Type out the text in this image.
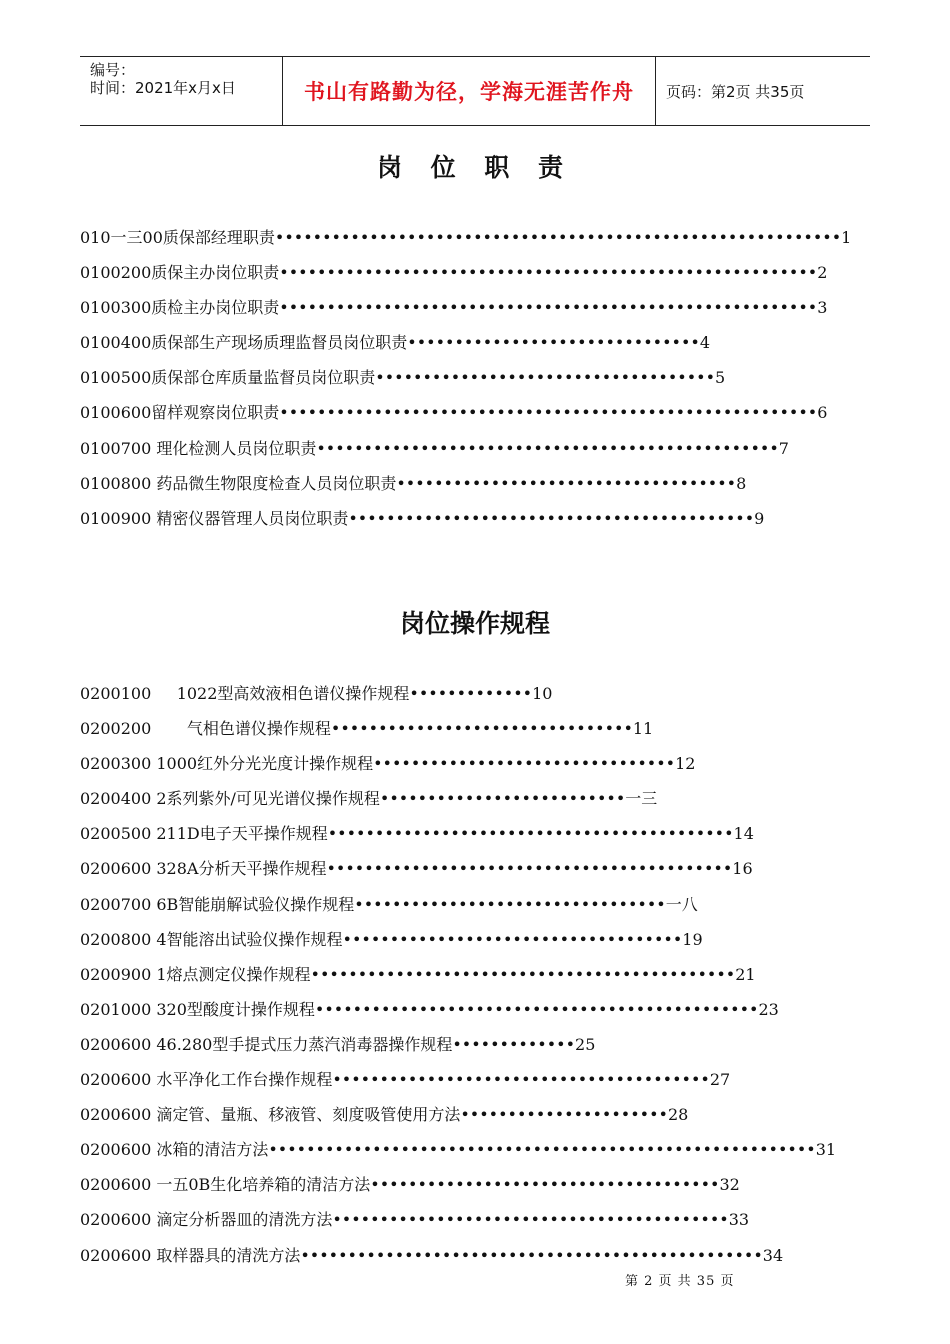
编号：
时间：2021年x月x日	书山有路勤为径，学海无涯苦作舟	页码：第2页 共35页
岗 位 职 责
010一三00质保部经理职责••••••••••••••••••••••••••••••••••••••••••••••••••••••••••••1
0100200质保主办岗位职责•••••••••••••••••••••••••••••••••••••••••••••••••••••••••2
0100300质检主办岗位职责•••••••••••••••••••••••••••••••••••••••••••••••••••••••••3
0100400质保部生产现场质理监督员岗位职责•••••••••••••••••••••••••••••••4
0100500质保部仓库质量监督员岗位职责••••••••••••••••••••••••••••••••••••5
0100600留样观察岗位职责•••••••••••••••••••••••••••••••••••••••••••••••••••••••••6
0100700 理化检测人员岗位职责•••••••••••••••••••••••••••••••••••••••••••••••••7
0100800 药品微生物限度检查人员岗位职责••••••••••••••••••••••••••••••••••••8
0100900 精密仪器管理人员岗位职责•••••••••••••••••••••••••••••••••••••••••••9
岗位操作规程
0200100     1022型高效液相色谱仪操作规程•••••••••••••10
0200200       气相色谱仪操作规程••••••••••••••••••••••••••••••••11
0200300 1000红外分光光度计操作规程••••••••••••••••••••••••••••••••12
0200400 2系列紫外/可见光谱仪操作规程••••••••••••••••••••••••••一三
0200500 211D电子天平操作规程•••••••••••••••••••••••••••••••••••••••••••14
0200600 328A分析天平操作规程•••••••••••••••••••••••••••••••••••••••••••16
0200700 6B智能崩解试验仪操作规程•••••••••••••••••••••••••••••••••一八
0200800 4智能溶出试验仪操作规程••••••••••••••••••••••••••••••••••••19
0200900 1熔点测定仪操作规程•••••••••••••••••••••••••••••••••••••••••••••21
0201000 320型酸度计操作规程•••••••••••••••••••••••••••••••••••••••••••••••23
0200600 46.280型手提式压力蒸汽消毒器操作规程•••••••••••••25
0200600 水平净化工作台操作规程••••••••••••••••••••••••••••••••••••••••27
0200600 滴定管、量瓶、移液管、刻度吸管使用方法••••••••••••••••••••••28
0200600 冰箱的清洁方法••••••••••••••••••••••••••••••••••••••••••••••••••••••••••31
0200600 一五0B生化培养箱的清洁方法•••••••••••••••••••••••••••••••••••••32
0200600 滴定分析器皿的清洗方法••••••••••••••••••••••••••••••••••••••••••33
0200600 取样器具的清洗方法•••••••••••••••••••••••••••••••••••••••••••••••••34
第 2 页 共 35 页
